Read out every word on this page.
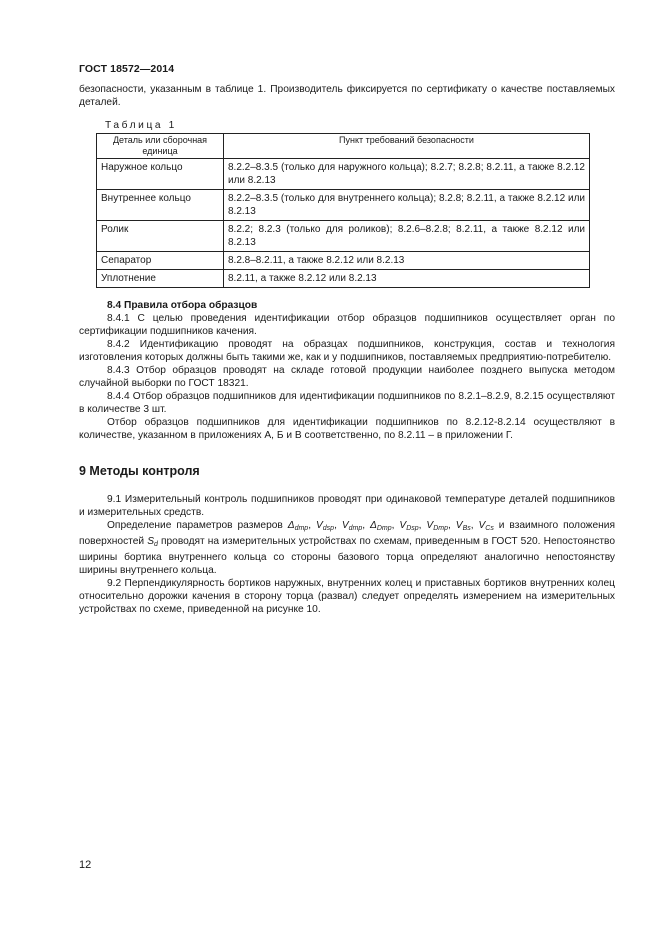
ГОСТ 18572—2014

безопасности, указанным в таблице 1. Производитель фиксируется по сертификату о качестве поставляемых деталей.

Таблица 1
Деталь или сборочная единица	Пункт требований безопасности
Наружное кольцо	8.2.2–8.3.5 (только для наружного кольца); 8.2.7; 8.2.8; 8.2.11, а также 8.2.12 или 8.2.13
Внутреннее кольцо	8.2.2–8.3.5 (только для внутреннего кольца); 8.2.8; 8.2.11, а также 8.2.12 или 8.2.13
Ролик	8.2.2; 8.2.3 (только для роликов); 8.2.6–8.2.8; 8.2.11, а также 8.2.12 или 8.2.13
Сепаратор	8.2.8–8.2.11, а также 8.2.12 или 8.2.13
Уплотнение	8.2.11, а также 8.2.12 или 8.2.13
8.4 Правила отбора образцов

8.4.1 С целью проведения идентификации отбор образцов подшипников осуществляет орган по сертификации подшипников качения.

8.4.2 Идентификацию проводят на образцах подшипников, конструкция, состав и технология изготовления которых должны быть такими же, как и у подшипников, поставляемых предприятию-потребителю.

8.4.3 Отбор образцов проводят на складе готовой продукции наиболее позднего выпуска методом случайной выборки по ГОСТ 18321.

8.4.4 Отбор образцов подшипников для идентификации подшипников по 8.2.1–8.2.9, 8.2.15 осуществляют в количестве 3 шт.

Отбор образцов подшипников для идентификации подшипников по 8.2.12-8.2.14 осуществляют в количестве, указанном в приложениях А, Б и В соответственно, по 8.2.11 – в приложении Г.

9 Методы контроля

9.1 Измерительный контроль подшипников проводят при одинаковой температуре деталей подшипников и измерительных средств.

Определение параметров размеров $\Delta_{dmp}$, $V_{dsp}$, $V_{dmp}$, $\Delta_{Dmp}$, $V_{Dsp}$, $V_{Dmp}$, $V_{Bs}$, $V_{Cs}$ и взаимного положения поверхностей $S_d$ проводят на измерительных устройствах по схемам, приведенным в ГОСТ 520. Непостоянство ширины бортика внутреннего кольца со стороны базового торца определяют аналогично непостоянству ширины внутреннего кольца.

9.2 Перпендикулярность бортиков наружных, внутренних колец и приставных бортиков внутренних колец относительно дорожки качения в сторону торца (развал) следует определять измерением на измерительных устройствах по схеме, приведенной на рисунке 10.

12
